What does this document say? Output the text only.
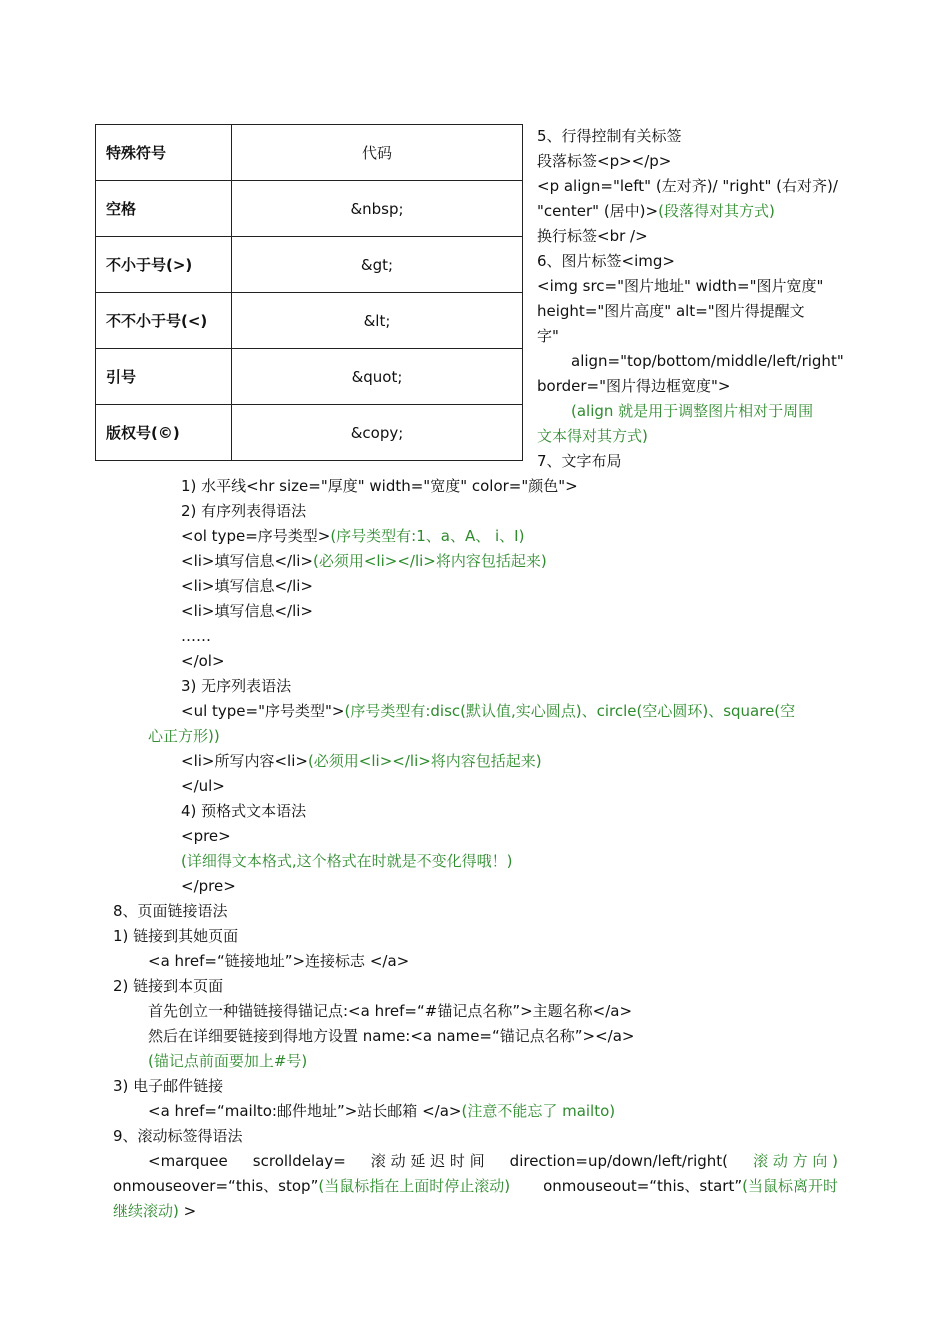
特殊符号	代码
空格	&nbsp;
不小于号(>)	&gt;
不不小于号(<)	&lt;
引号	&quot;
版权号(©)	&copy;
5、行得控制有关标签
段落标签<p></p>
<p align="left" (左对齐)/ "right" (右对齐)/
"center" (居中)>(段落得对其方式)
换行标签<br />
6、图片标签<img>
<img src="图片地址" width="图片宽度"
height="图片高度" alt="图片得提醒文
字"
align="top/bottom/middle/left/right"
border="图片得边框宽度">
(align 就是用于调整图片相对于周围
文本得对其方式)
7、文字布局
1) 水平线<hr size="厚度" width="宽度" color="颜色">
2) 有序列表得语法
<ol type=序号类型>(序号类型有:1、a、A、 ⅰ、I)
<li>填写信息</li>(必须用<li></li>将内容包括起来)
<li>填写信息</li>
<li>填写信息</li>
……
</ol>
3) 无序列表语法
<ul type="序号类型">(序号类型有:disc(默认值,实心圆点)、circle(空心圆环)、square(空
心正方形))
<li>所写内容<li>(必须用<li></li>将内容包括起来)
</ul>
4) 预格式文本语法
<pre>
(详细得文本格式,这个格式在时就是不变化得哦！)
</pre>
8、页面链接语法
1) 链接到其她页面
<a href=“链接地址”>连接标志 </a>
2) 链接到本页面
首先创立一种锚链接得锚记点:<a href=“#锚记点名称”>主题名称</a>
然后在详细要链接到得地方设置 name:<a name=“锚记点名称”></a>
(锚记点前面要加上#号)
3) 电子邮件链接
<a href=“mailto:邮件地址”>站长邮箱 </a>(注意不能忘了 mailto)
9、滚动标签得语法
<marquee scrolldelay= 滚 动 延 迟 时 间 direction=up/down/left/right( 滚 动 方 向 )
onmouseover=“this、stop”(当鼠标指在上面时停止滚动) onmouseout=“this、start”(当鼠标离开时
继续滚动) >
